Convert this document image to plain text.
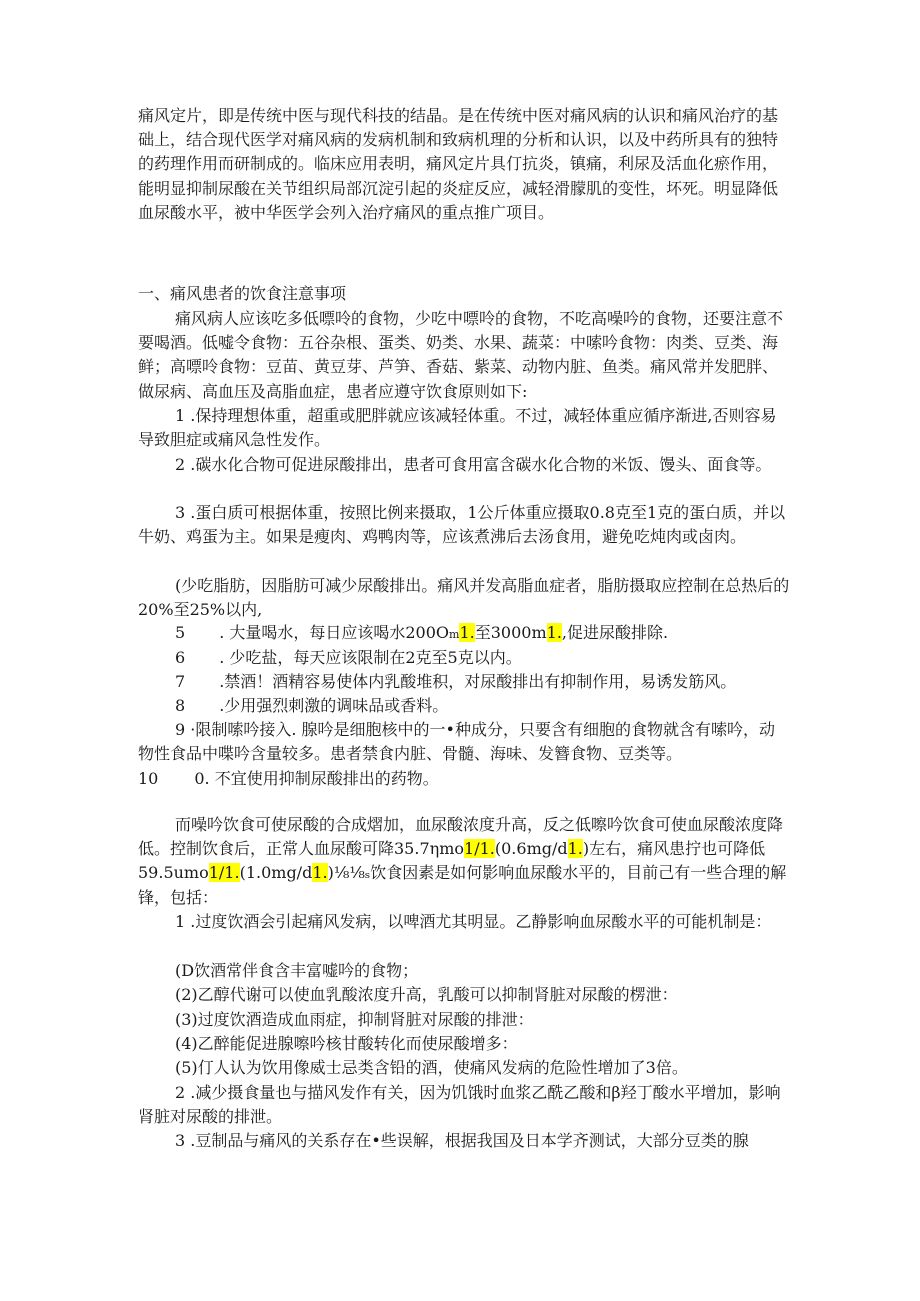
痛风定片，即是传统中医与现代科技的结晶。是在传统中医对痛风病的认识和痛风治疗的基础上，结合现代医学对痛风病的发病机制和致病机理的分析和认识，以及中药所具有的独特的药理作用而研制成的。临床应用表明，痛风定片具仃抗炎，镇痛，利尿及活血化瘀作用，能明显抑制尿酸在关节组织局部沉淀引起的炎症反应，减轻滑朦肌的变性，坏死。明显降低血尿酸水平，被中华医学会列入治疗痛风的重点推广项目。

一、痛风患者的饮食注意事项

痛风病人应该吃多低嘌呤的食物，少吃中嘌呤的食物，不吃高噪吟的食物，还要注意不要喝酒。低嘘令食物：五谷杂根、蛋类、奶类、水果、蔬菜：中嗦吟食物：肉类、豆类、海鲜；高嘌呤食物：豆苗、黄豆芽、芦笋、香菇、紫菜、动物内脏、鱼类。痛风常并发肥胖、做尿病、高血压及高脂血症，患者应遵守饮食原则如下:

1 .保持理想体重，超重或肥胖就应该减轻体重。不过，减轻体重应循序渐进,否则容易导致胆症或痛风急性发作。

2 .碳水化合物可促进尿酸排出，患者可食用富含碳水化合物的米饭、馒头、面食等。

3 .蛋白质可根据体重，按照比例来摄取，1公斤体重应摄取0.8克至1克的蛋白质，并以牛奶、鸡蛋为主。如果是瘦肉、鸡鸭肉等，应该煮沸后去汤食用，避免吃炖肉或卤肉。

(少吃脂肪，因脂肪可减少尿酸排出。痛风并发高脂血症者，脂肪摄取应控制在总热后的20%至25%以内,

5 . 大量喝水，每日应该喝水200Om1.至3000m1.,促进尿酸排除.

6 . 少吃盐，每天应该限制在2克至5克以内。

7 .禁酒！酒精容易使体内乳酸堆积，对尿酸排出有抑制作用，易诱发筋风。

8 .少用强烈刺激的调味品或香料。

9 ·限制嗦吟接入. 腺吟是细胞核中的一•种成分，只要含有细胞的食物就含有嗦吟，动物性食品中喋吟含量较多。患者禁食内脏、骨髓、海味、发簪食物、豆类等。

10 0. 不宜使用抑制尿酸排出的药物。

而噪吟饮食可使尿酸的合成熠加，血尿酸浓度升高，反之低嚓吟饮食可使血尿酸浓度降低。控制饮食后，正常人血尿酸可降35.7ηmo1/1.(0.6mg/d1.)左右，痛风患拧也可降低59.5umo1/1.(1.0mg/d1.)⅛⅛ₛ饮食因素是如何影响血尿酸水平的，目前己有一些合理的解锋，包括：

1 .过度饮酒会引起痛风发病，以啤酒尤其明显。乙静影响血尿酸水平的可能机制是：

(D饮酒常伴食含丰富嘘吟的食物；

(2)乙醇代谢可以使血乳酸浓度升高，乳酸可以抑制肾脏对尿酸的楞泄：

(3)过度饮酒造成血雨症，抑制肾脏对尿酸的排泄：

(4)乙醉能促进腺嚓吟核甘酸转化而使尿酸增多：

(5)仃人认为饮用像威士忌类含铅的酒，使痛风发病的危险性增加了3倍。

2 .减少摄食量也与描风发作有关，因为饥饿时血浆乙酰乙酸和β羟丁酸水平增加，影响肾脏对尿酸的排泄。

3 .豆制品与痛风的关系存在•些误解，根据我国及日本学齐测试，大部分豆类的腺
